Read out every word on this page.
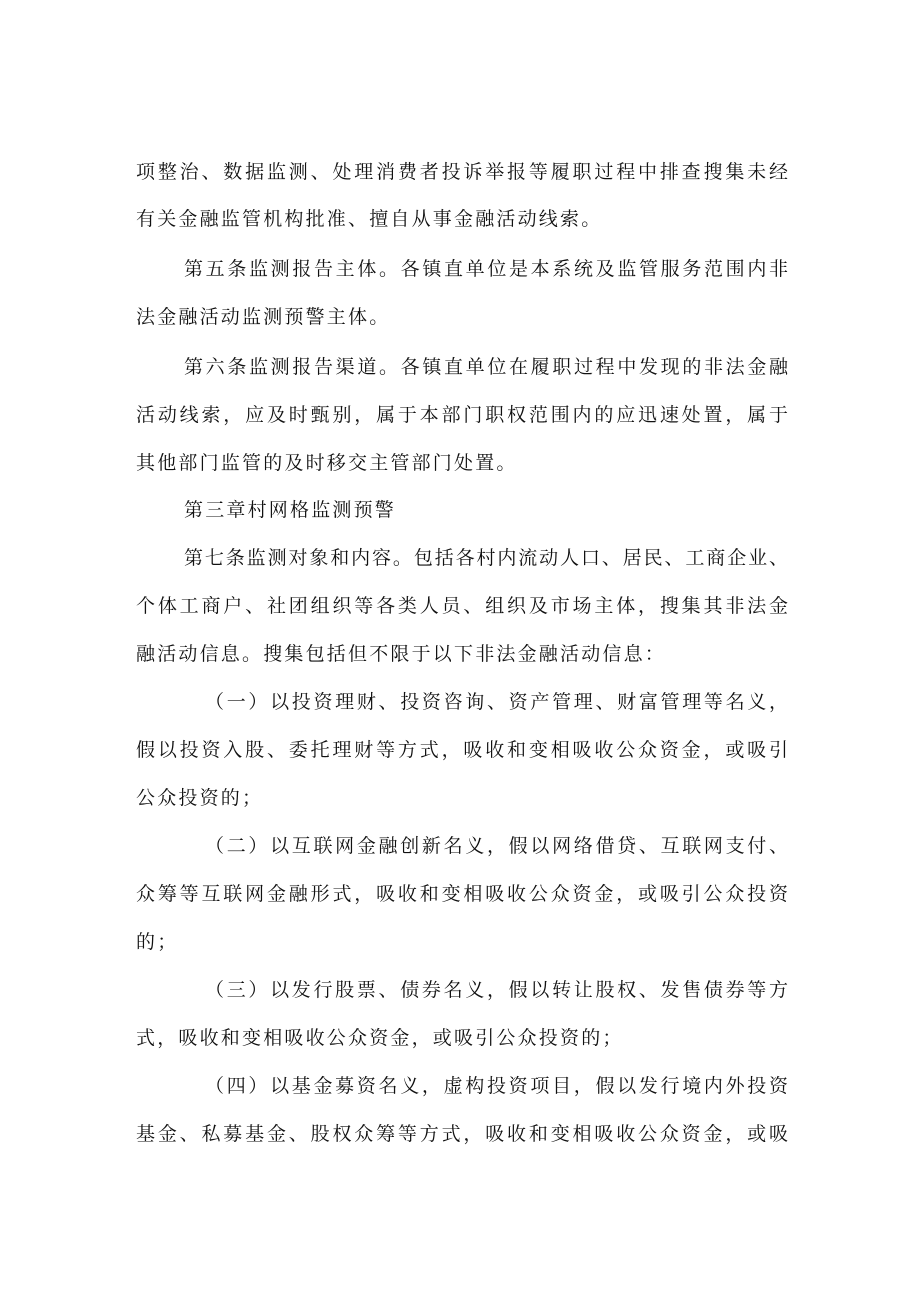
项整治、数据监测、处理消费者投诉举报等履职过程中排查搜集未经
有关金融监管机构批准、擅自从事金融活动线索。
第五条监测报告主体。各镇直单位是本系统及监管服务范围内非
法金融活动监测预警主体。
第六条监测报告渠道。各镇直单位在履职过程中发现的非法金融
活动线索，应及时甄别，属于本部门职权范围内的应迅速处置，属于
其他部门监管的及时移交主管部门处置。
第三章村网格监测预警
第七条监测对象和内容。包括各村内流动人口、居民、工商企业、
个体工商户、社团组织等各类人员、组织及市场主体，搜集其非法金
融活动信息。搜集包括但不限于以下非法金融活动信息：
（一）以投资理财、投资咨询、资产管理、财富管理等名义，
假以投资入股、委托理财等方式，吸收和变相吸收公众资金，或吸引
公众投资的；
（二）以互联网金融创新名义，假以网络借贷、互联网支付、
众筹等互联网金融形式，吸收和变相吸收公众资金，或吸引公众投资
的；
（三）以发行股票、债券名义，假以转让股权、发售债券等方
式，吸收和变相吸收公众资金，或吸引公众投资的；
（四）以基金募资名义，虚构投资项目，假以发行境内外投资
基金、私募基金、股权众筹等方式，吸收和变相吸收公众资金，或吸
